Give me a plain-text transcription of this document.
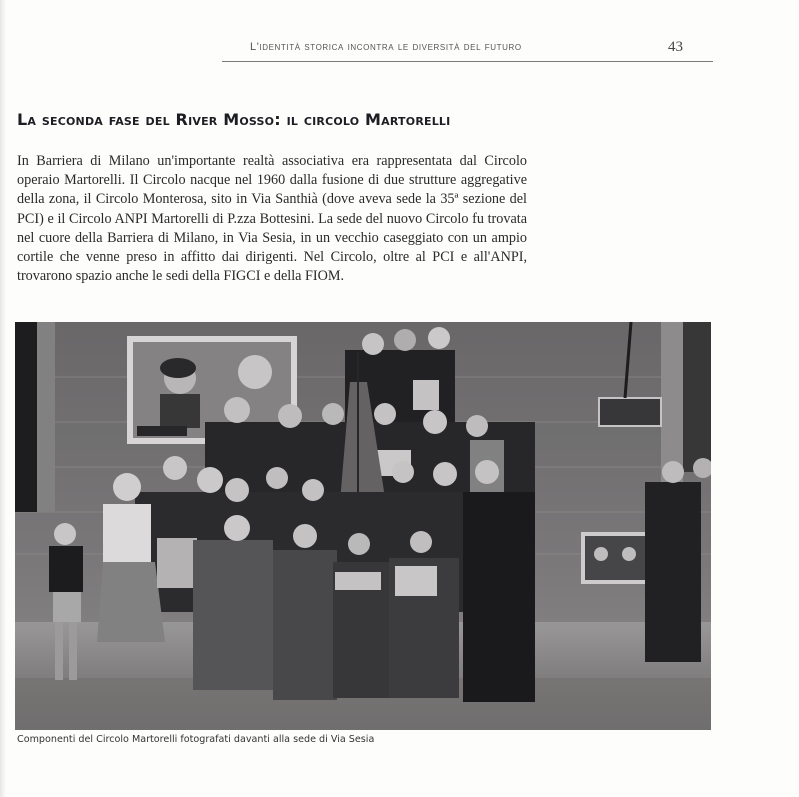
L'identità storica incontra le diversità del futuro	43
La seconda fase del River Mosso: il circolo Martorelli

In Barriera di Milano un'importante realtà associativa era rappresentata dal Circolo operaio Martorelli. Il Circolo nacque nel 1960 dalla fusione di due strutture aggregative della zona, il Circolo Monterosa, sito in Via Santhià (dove aveva sede la 35ª sezione del PCI) e il Circolo ANPI Martorelli di P.zza Bottesini. La sede del nuovo Circolo fu trovata nel cuore della Barriera di Milano, in Via Sesia, in un vecchio caseggiato con un ampio cortile che venne preso in affitto dai dirigenti. Nel Circolo, oltre al PCI e all'ANPI, trovarono spazio anche le sedi della FIGCI e della FIOM.

Componenti del Circolo Martorelli fotografati davanti alla sede di Via Sesia
